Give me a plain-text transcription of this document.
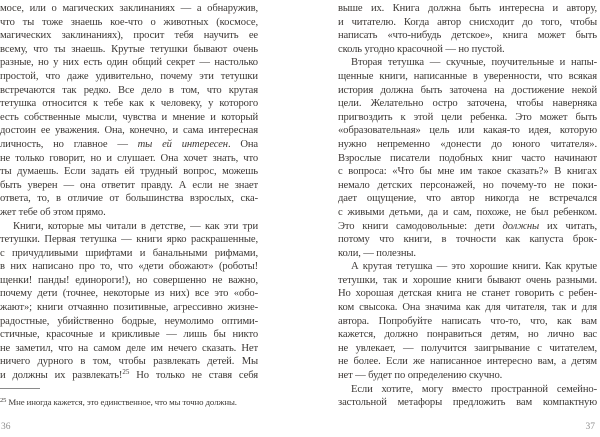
мосе, или о магических заклинаниях — а обнаружив,
что ты тоже знаешь кое-что о животных (космосе,
магических заклинаниях), просит тебя научить ее
всему, что ты знаешь. Крутые тетушки бывают очень
разные, но у них есть один общий секрет — настолько
простой, что даже удивительно, почему эти тетушки
встречаются так редко. Все дело в том, что крутая
тетушка относится к тебе как к человеку, у которого
есть собственные мысли, чувства и мнение и который
достоин ее уважения. Она, конечно, и сама интересная
личность, но главное — ты ей интересен. Она
не только говорит, но и слушает. Она хочет знать, что
ты думаешь. Если задать ей трудный вопрос, можешь
быть уверен — она ответит правду. А если не знает
ответа, то, в отличие от большинства взрослых, ска-
жет тебе об этом прямо.
Книги, которые мы читали в детстве, — как эти три
тетушки. Первая тетушка — книги ярко раскрашенные,
с причудливыми шрифтами и банальными рифмами,
в них написано про то, что «дети обожают» (роботы!
щенки! панды! единороги!), но совершенно не важно,
почему дети (точнее, некоторые из них) все это «обо-
жают»; книги отчаянно позитивные, агрессивно жизне-
радостные, убийственно бодрые, неумолимо оптими-
стичные, красочные и крикливые — лишь бы никто
не заметил, что на самом деле им нечего сказать. Нет
ничего дурного в том, чтобы развлекать детей. Мы
и должны их развлекать!$^{25}$ Но только не ставя себя
$^{25}$ Мне иногда кажется, это единственное, что мы точно должны.
36
выше их. Книга должна быть интересна и автору,
и читателю. Когда автор снисходит до того, чтобы
написать «что-нибудь детское», книга может быть
сколь угодно красочной — но пустой.
Вторая тетушка — скучные, поучительные и напы-
щенные книги, написанные в уверенности, что всякая
история должна быть заточена на достижение некой
цели. Желательно остро заточена, чтобы наверняка
пригвоздить к этой цели ребенка. Это может быть
«образовательная» цель или какая-то идея, которую
нужно непременно «донести до юного читателя».
Взрослые писатели подобных книг часто начинают
с вопроса: «Что бы мне им такое сказать?» В книгах
немало детских персонажей, но почему-то не поки-
дает ощущение, что автор никогда не встречался
с живыми детьми, да и сам, похоже, не был ребенком.
Это книги самодовольные: дети должны их читать,
потому что книги, в точности как капуста брок-
коли, — полезны.
А крутая тетушка — это хорошие книги. Как крутые
тетушки, так и хорошие книги бывают очень разными.
Но хорошая детская книга не станет говорить с ребен-
ком свысока. Она значима как для читателя, так и для
автора. Попробуйте написать что-то, что, как вам
кажется, должно понравиться детям, но лично вас
не увлекает, — получится заигрывание с читателем,
не более. Если же написанное интересно вам, а детям
нет — будет по определению скучно.
Если хотите, могу вместо пространной семейно-
застольной метафоры предложить вам компактную
37
